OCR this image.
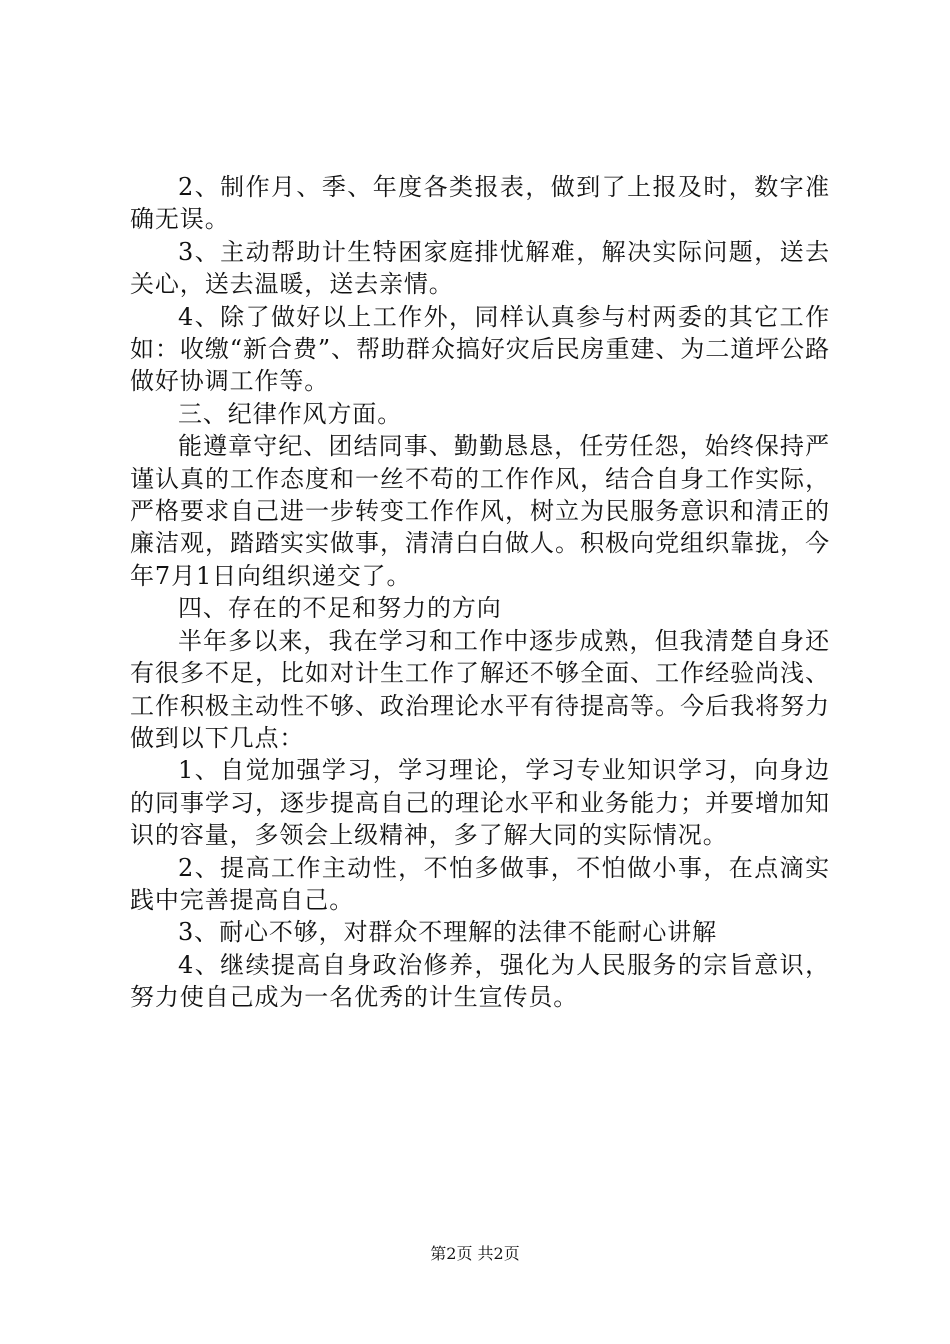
2、制作月、季、年度各类报表，做到了上报及时，数字准确无误。

3、主动帮助计生特困家庭排忧解难，解决实际问题，送去关心，送去温暖，送去亲情。

4、除了做好以上工作外，同样认真参与村两委的其它工作如：收缴“新合费”、帮助群众搞好灾后民房重建、为二道坪公路做好协调工作等。

三、纪律作风方面。

能遵章守纪、团结同事、勤勤恳恳，任劳任怨，始终保持严谨认真的工作态度和一丝不苟的工作作风，结合自身工作实际，严格要求自己进一步转变工作作风，树立为民服务意识和清正的廉洁观，踏踏实实做事，清清白白做人。积极向党组织靠拢，今年7月1日向组织递交了。

四、存在的不足和努力的方向

半年多以来，我在学习和工作中逐步成熟，但我清楚自身还有很多不足，比如对计生工作了解还不够全面、工作经验尚浅、工作积极主动性不够、政治理论水平有待提高等。今后我将努力做到以下几点：

1、自觉加强学习，学习理论，学习专业知识学习，向身边的同事学习，逐步提高自己的理论水平和业务能力；并要增加知识的容量，多领会上级精神，多了解大同的实际情况。

2、提高工作主动性，不怕多做事，不怕做小事，在点滴实践中完善提高自己。

3、耐心不够，对群众不理解的法律不能耐心讲解

4、继续提高自身政治修养，强化为人民服务的宗旨意识，努力使自己成为一名优秀的计生宣传员。

第2页 共2页
